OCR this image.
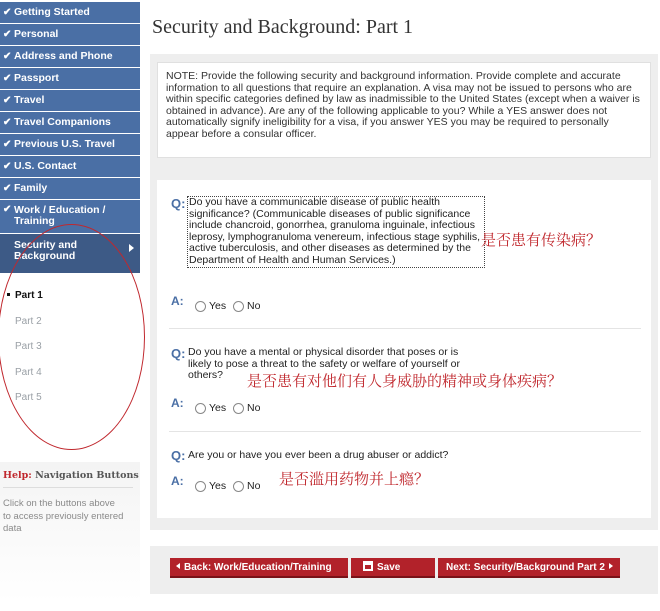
✔ Getting Started
✔ Personal
✔ Address and Phone
✔ Passport
✔ Travel
✔ Travel Companions
✔ Previous U.S. Travel
✔ U.S. Contact
✔ Family
✔ Work / Education / Training
Security and Background
Part 1
Part 2
Part 3
Part 4
Part 5
Help: Navigation Buttons
Click on the buttons above to access previously entered data
Security and Background: Part 1
NOTE: Provide the following security and background information. Provide complete and accurate information to all questions that require an explanation. A visa may not be issued to persons who are within specific categories defined by law as inadmissible to the United States (except when a waiver is obtained in advance). Are any of the following applicable to you? While a YES answer does not automatically signify ineligibility for a visa, if you answer YES you may be required to personally appear before a consular officer.
Q: Do you have a communicable disease of public health significance? (Communicable diseases of public significance include chancroid, gonorrhea, granuloma inguinale, infectious leprosy, lymphogranuloma venereum, infectious stage syphilis, active tuberculosis, and other diseases as determined by the Department of Health and Human Services.)
是否患有传染病？
A: Yes No
Q: Do you have a mental or physical disorder that poses or is likely to pose a threat to the safety or welfare of yourself or others?	是否患有对他们有人身威胁的精神或身体疾病？
A: Yes No
Q: Are you or have you ever been a drug abuser or addict?
是否滥用药物并上瘾？
A: Yes No
Back: Work/Education/Training	Save	Next: Security/Background Part 2
